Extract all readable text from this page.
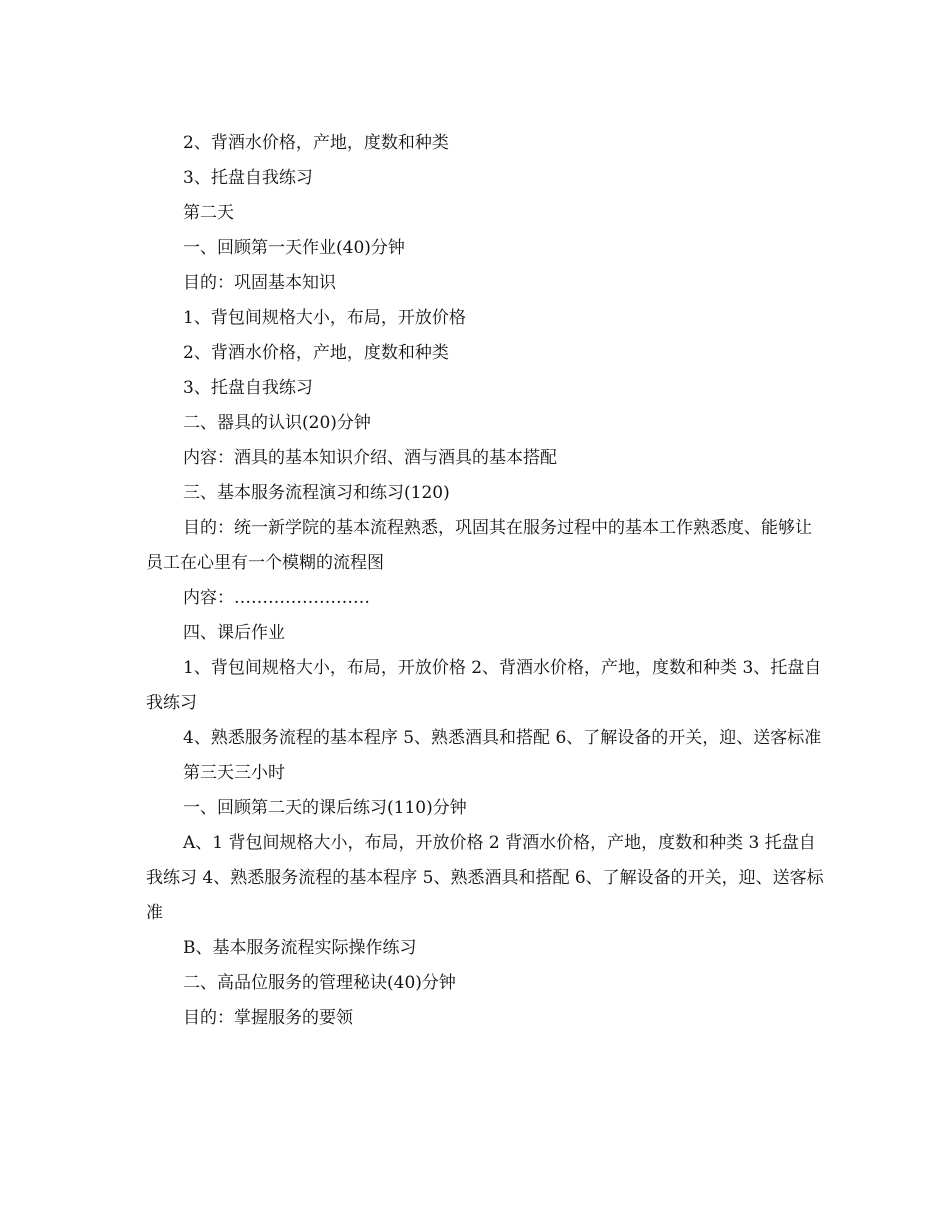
2、背酒水价格，产地，度数和种类

3、托盘自我练习

第二天

一、回顾第一天作业(40)分钟

目的：巩固基本知识

1、背包间规格大小，布局，开放价格

2、背酒水价格，产地，度数和种类

3、托盘自我练习

二、器具的认识(20)分钟

内容：酒具的基本知识介绍、酒与酒具的基本搭配

三、基本服务流程演习和练习(120)

目的：统一新学院的基本流程熟悉，巩固其在服务过程中的基本工作熟悉度、能够让员工在心里有一个模糊的流程图

内容：……………………

四、课后作业

1、背包间规格大小，布局，开放价格 2、背酒水价格，产地，度数和种类 3、托盘自我练习

4、熟悉服务流程的基本程序 5、熟悉酒具和搭配 6、了解设备的开关，迎、送客标准

第三天三小时

一、回顾第二天的课后练习(110)分钟

A、1 背包间规格大小，布局，开放价格 2 背酒水价格，产地，度数和种类 3 托盘自我练习 4、熟悉服务流程的基本程序 5、熟悉酒具和搭配 6、了解设备的开关，迎、送客标准

B、基本服务流程实际操作练习

二、高品位服务的管理秘诀(40)分钟

目的：掌握服务的要领
